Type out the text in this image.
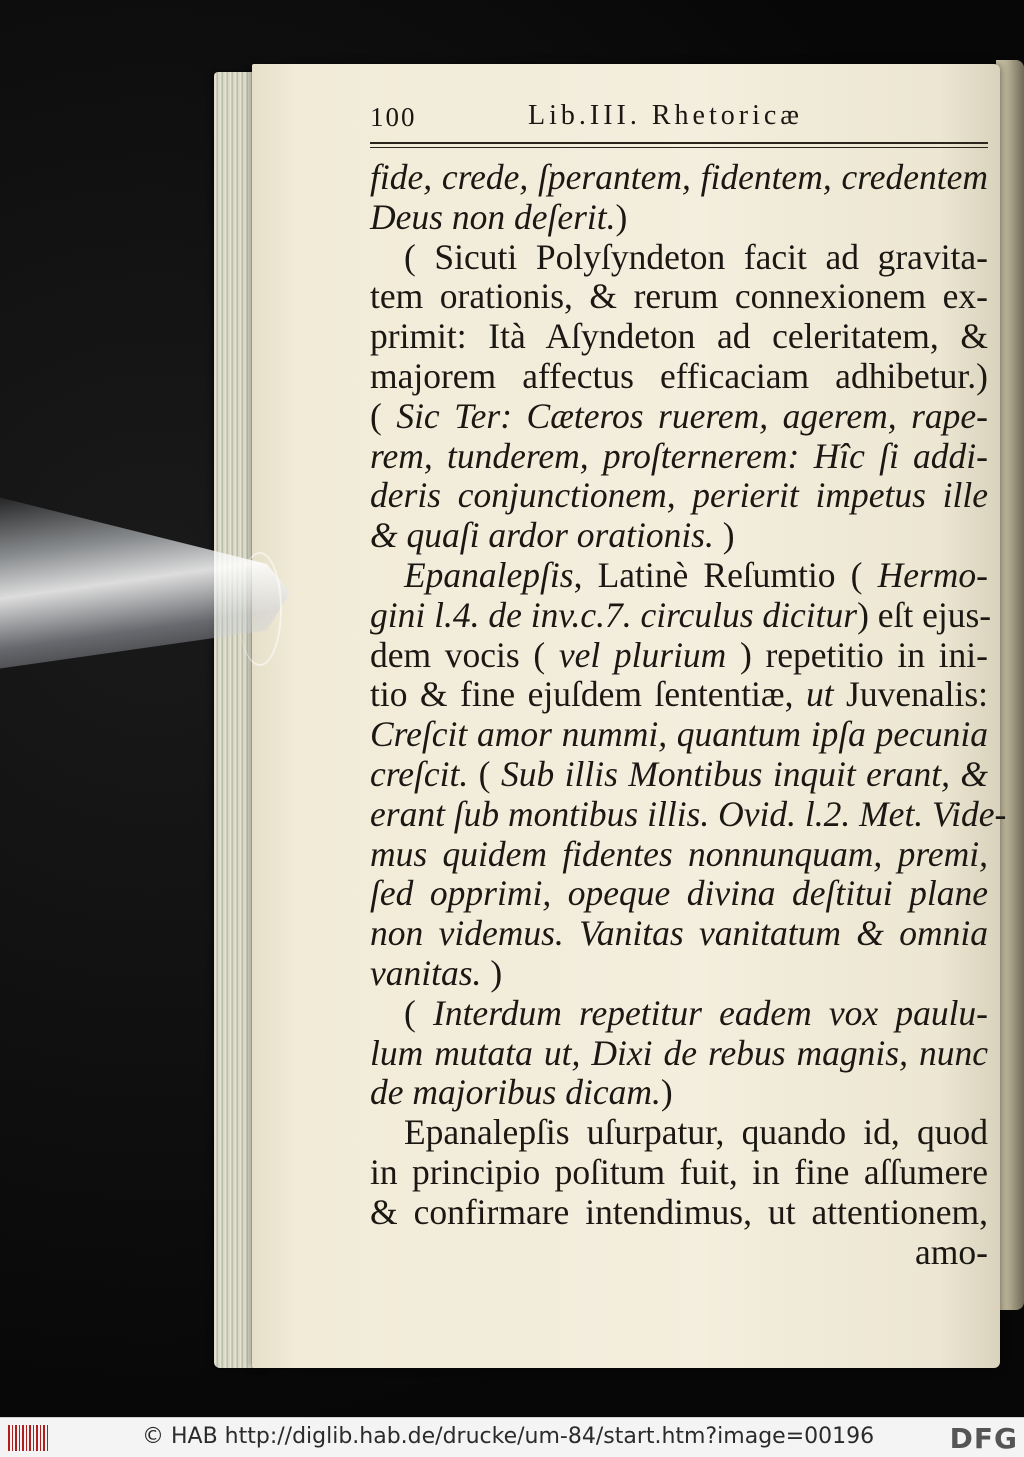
100	Lib.III. Rhetoricæ
fide, crede, ſperantem, fidentem, credentem
Deus non deſerit.)
( Sicuti Polyſyndeton facit ad gravita-
tem orationis, & rerum connexionem ex-
primit: Ità Aſyndeton ad celeritatem, &
majorem affectus efficaciam adhibetur.)
( Sic Ter: Cæteros ruerem, agerem, rape-
rem, tunderem, proſternerem: Hîc ſi addi-
deris conjunctionem, perierit impetus ille
& quaſi ardor orationis. )
Epanalepſis, Latinè Reſumtio ( Hermo-
gini l.4. de inv.c.7. circulus dicitur) eſt ejus-
dem vocis ( vel plurium ) repetitio in ini-
tio & fine ejuſdem ſententiæ, ut Juvenalis:
Creſcit amor nummi, quantum ipſa pecunia
creſcit. ( Sub illis Montibus inquit erant, &
erant ſub montibus illis. Ovid. l.2. Met. Vide-
mus quidem fidentes nonnunquam, premi,
ſed opprimi, opeque divina deſtitui plane
non videmus. Vanitas vanitatum & omnia
vanitas. )
( Interdum repetitur eadem vox paulu-
lum mutata ut, Dixi de rebus magnis, nunc
de majoribus dicam.)
Epanalepſis uſurpatur, quando id, quod
in principio poſitum fuit, in fine aſſumere
& confirmare intendimus, ut attentionem,
amo-
© HAB http://diglib.hab.de/drucke/um-84/start.htm?image=00196	DFG
